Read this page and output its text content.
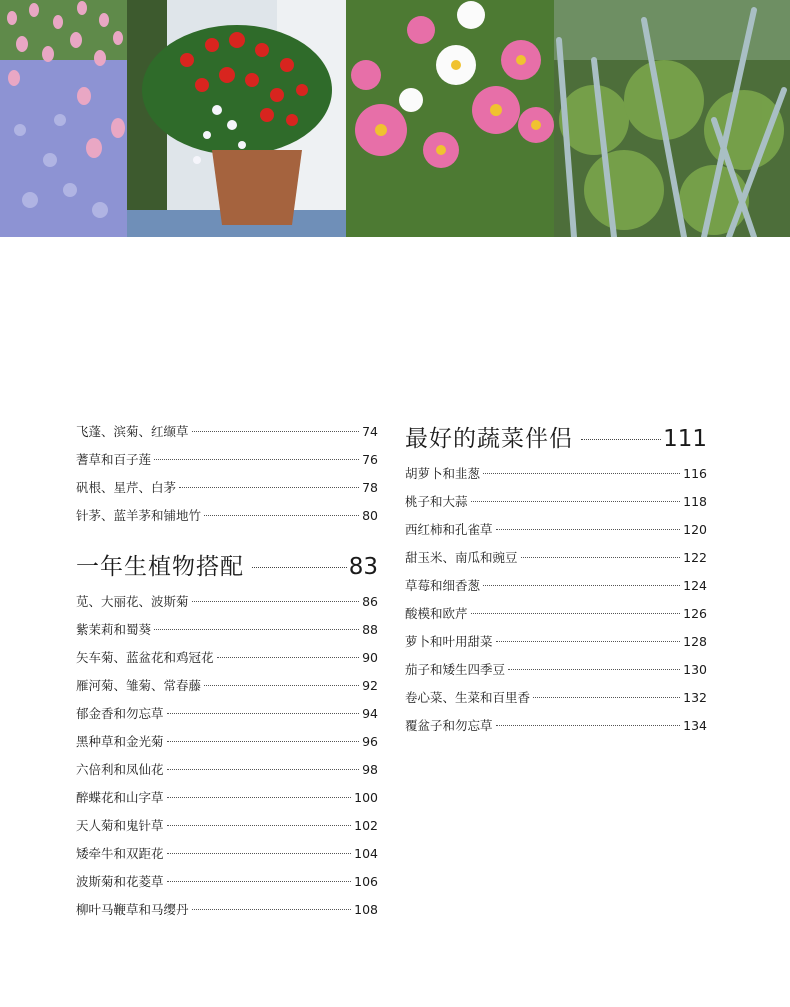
飞蓬、滨菊、红缬草	74
蓍草和百子莲	76
矾根、星芹、白茅	78
针茅、蓝羊茅和铺地竹	80
一年生植物搭配	83
苋、大丽花、波斯菊	86
紫茉莉和蜀葵	88
矢车菊、蓝盆花和鸡冠花	90
雁河菊、雏菊、常春藤	92
郁金香和勿忘草	94
黑种草和金光菊	96
六倍利和凤仙花	98
醉蝶花和山字草	100
天人菊和鬼针草	102
矮牵牛和双距花	104
波斯菊和花菱草	106
柳叶马鞭草和马缨丹	108
最好的蔬菜伴侣	111
胡萝卜和韭葱	116
桃子和大蒜	118
西红柿和孔雀草	120
甜玉米、南瓜和豌豆	122
草莓和细香葱	124
酸模和欧芹	126
萝卜和叶用甜菜	128
茄子和矮生四季豆	130
卷心菜、生菜和百里香	132
覆盆子和勿忘草	134
